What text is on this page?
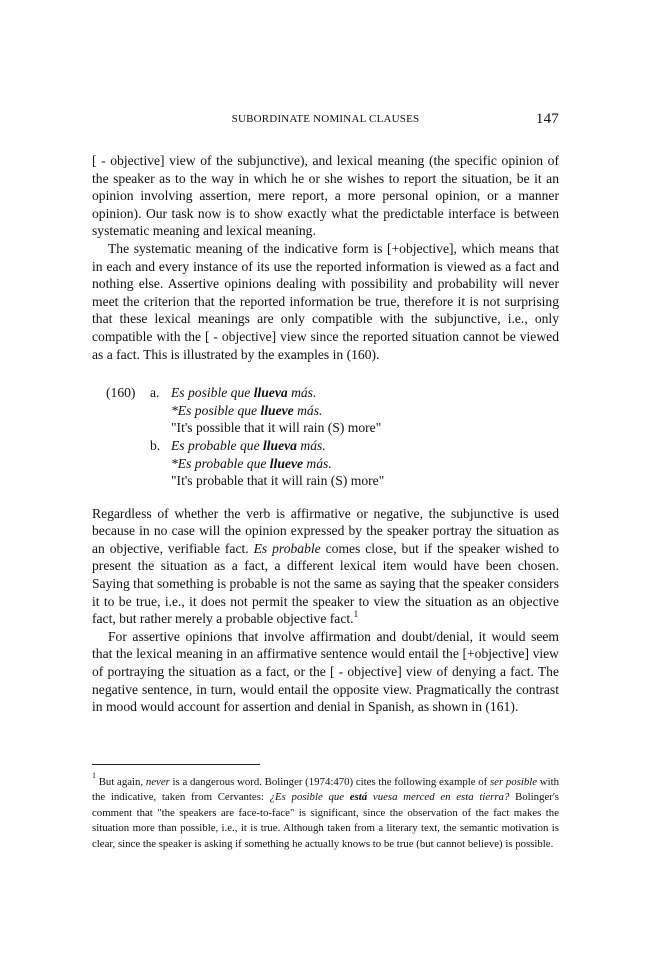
SUBORDINATE NOMINAL CLAUSES	147

[ - objective] view of the subjunctive), and lexical meaning (the specific opinion of the speaker as to the way in which he or she wishes to report the situation, be it an opinion involving assertion, mere report, a more personal opinion, or a manner opinion). Our task now is to show exactly what the predictable interface is between systematic meaning and lexical meaning.

The systematic meaning of the indicative form is [+objective], which means that in each and every instance of its use the reported information is viewed as a fact and nothing else. Assertive opinions dealing with possibility and probability will never meet the criterion that the reported information be true, therefore it is not surprising that these lexical meanings are only compatible with the subjunctive, i.e., only compatible with the [ - objective] view since the reported situation cannot be viewed as a fact. This is illustrated by the examples in (160).

(160)	a. Es posible que llueva más.
*Es posible que llueve más.
"It's possible that it will rain (S) more"
b. Es probable que llueva más.
*Es probable que llueve más.
"It's probable that it will rain (S) more"

Regardless of whether the verb is affirmative or negative, the subjunctive is used because in no case will the opinion expressed by the speaker portray the situation as an objective, verifiable fact. Es probable comes close, but if the speaker wished to present the situation as a fact, a different lexical item would have been chosen. Saying that something is probable is not the same as saying that the speaker considers it to be true, i.e., it does not permit the speaker to view the situation as an objective fact, but rather merely a probable objective fact.$^1$

For assertive opinions that involve affirmation and doubt/denial, it would seem that the lexical meaning in an affirmative sentence would entail the [+objective] view of portraying the situation as a fact, or the [ - objective] view of denying a fact. The negative sentence, in turn, would entail the opposite view. Pragmatically the contrast in mood would account for assertion and denial in Spanish, as shown in (161).

$^1$ But again, never is a dangerous word. Bolinger (1974:470) cites the following example of ser posible with the indicative, taken from Cervantes: ¿Es posible que está vuesa merced en esta tierra? Bolinger's comment that "the speakers are face-to-face" is significant, since the observation of the fact makes the situation more than possible, i.e., it is true. Although taken from a literary text, the semantic motivation is clear, since the speaker is asking if something he actually knows to be true (but cannot believe) is possible.
